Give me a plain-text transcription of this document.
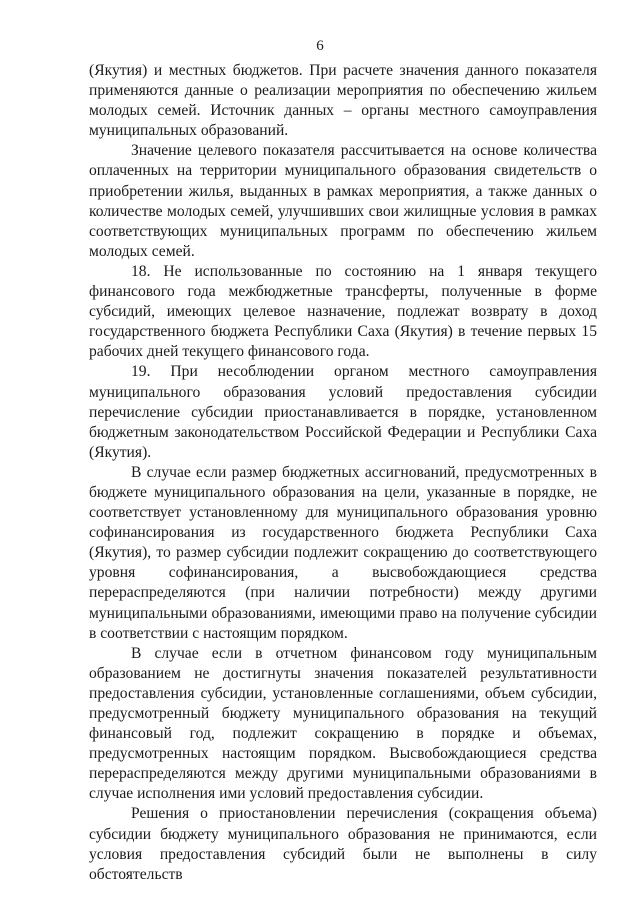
6

(Якутия) и местных бюджетов. При расчете значения данного показателя применяются данные о реализации мероприятия по обеспечению жильем молодых семей. Источник данных – органы местного самоуправления муниципальных образований.

Значение целевого показателя рассчитывается на основе количества оплаченных на территории муниципального образования свидетельств о приобретении жилья, выданных в рамках мероприятия, а также данных о количестве молодых семей, улучшивших свои жилищные условия в рамках соответствующих муниципальных программ по обеспечению жильем молодых семей.

18. Не использованные по состоянию на 1 января текущего финансового года межбюджетные трансферты, полученные в форме субсидий, имеющих целевое назначение, подлежат возврату в доход государственного бюджета Республики Саха (Якутия) в течение первых 15 рабочих дней текущего финансового года.

19. При несоблюдении органом местного самоуправления муниципального образования условий предоставления субсидии перечисление субсидии приостанавливается в порядке, установленном бюджетным законодательством Российской Федерации и Республики Саха (Якутия).

В случае если размер бюджетных ассигнований, предусмотренных в бюджете муниципального образования на цели, указанные в порядке, не соответствует установленному для муниципального образования уровню софинансирования из государственного бюджета Республики Саха (Якутия), то размер субсидии подлежит сокращению до соответствующего уровня софинансирования, а высвобождающиеся средства перераспределяются (при наличии потребности) между другими муниципальными образованиями, имеющими право на получение субсидии в соответствии с настоящим порядком.

В случае если в отчетном финансовом году муниципальным образованием не достигнуты значения показателей результативности предоставления субсидии, установленные соглашениями, объем субсидии, предусмотренный бюджету муниципального образования на текущий финансовый год, подлежит сокращению в порядке и объемах, предусмотренных настоящим порядком. Высвобождающиеся средства перераспределяются между другими муниципальными образованиями в случае исполнения ими условий предоставления субсидии.

Решения о приостановлении перечисления (сокращения объема) субсидии бюджету муниципального образования не принимаются, если условия предоставления субсидий были не выполнены в силу обстоятельств
